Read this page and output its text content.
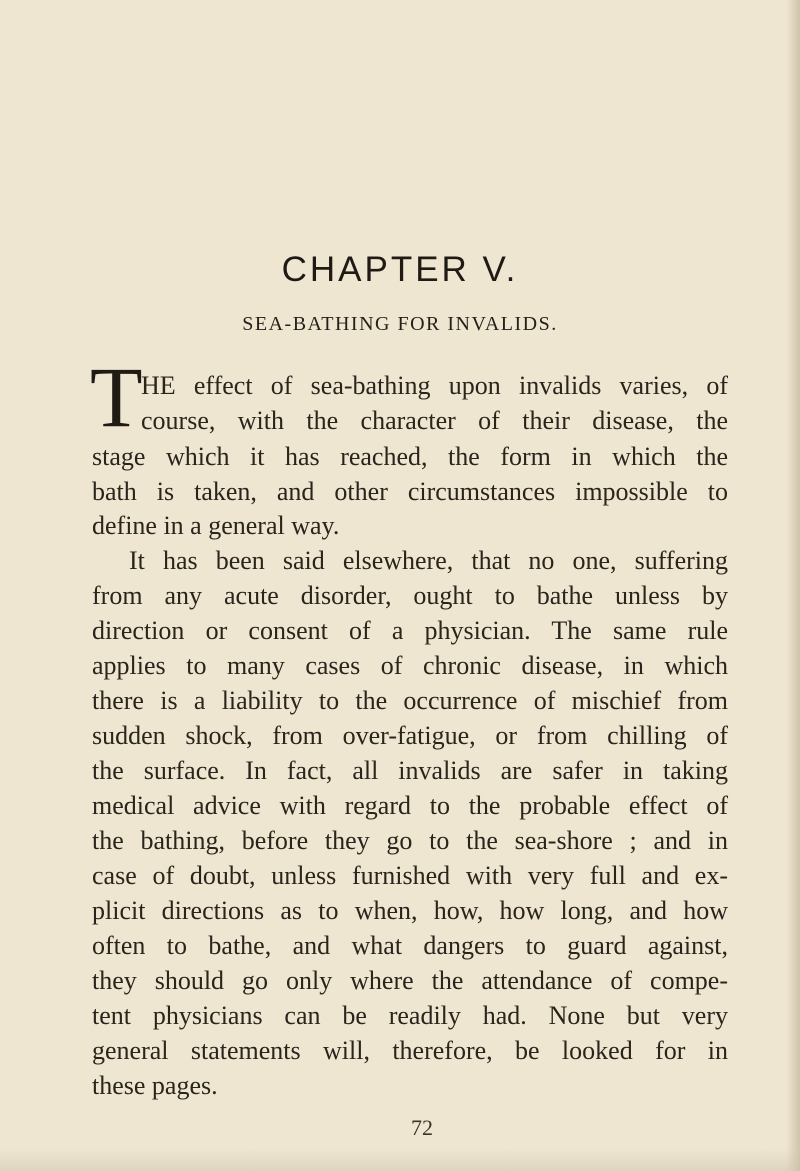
CHAPTER V.
SEA-BATHING FOR INVALIDS.
T
HE effect of sea-bathing upon invalids varies, of
course, with the character of their disease, the
stage which it has reached, the form in which the
bath is taken, and other circumstances impossible to
define in a general way.
It has been said elsewhere, that no one, suffering
from any acute disorder, ought to bathe unless by
direction or consent of a physician. The same rule
applies to many cases of chronic disease, in which
there is a liability to the occurrence of mischief from
sudden shock, from over-fatigue, or from chilling of
the surface. In fact, all invalids are safer in taking
medical advice with regard to the probable effect of
the bathing, before they go to the sea-shore ; and in
case of doubt, unless furnished with very full and ex-
plicit directions as to when, how, how long, and how
often to bathe, and what dangers to guard against,
they should go only where the attendance of compe-
tent physicians can be readily had. None but very
general statements will, therefore, be looked for in
these pages.
72
